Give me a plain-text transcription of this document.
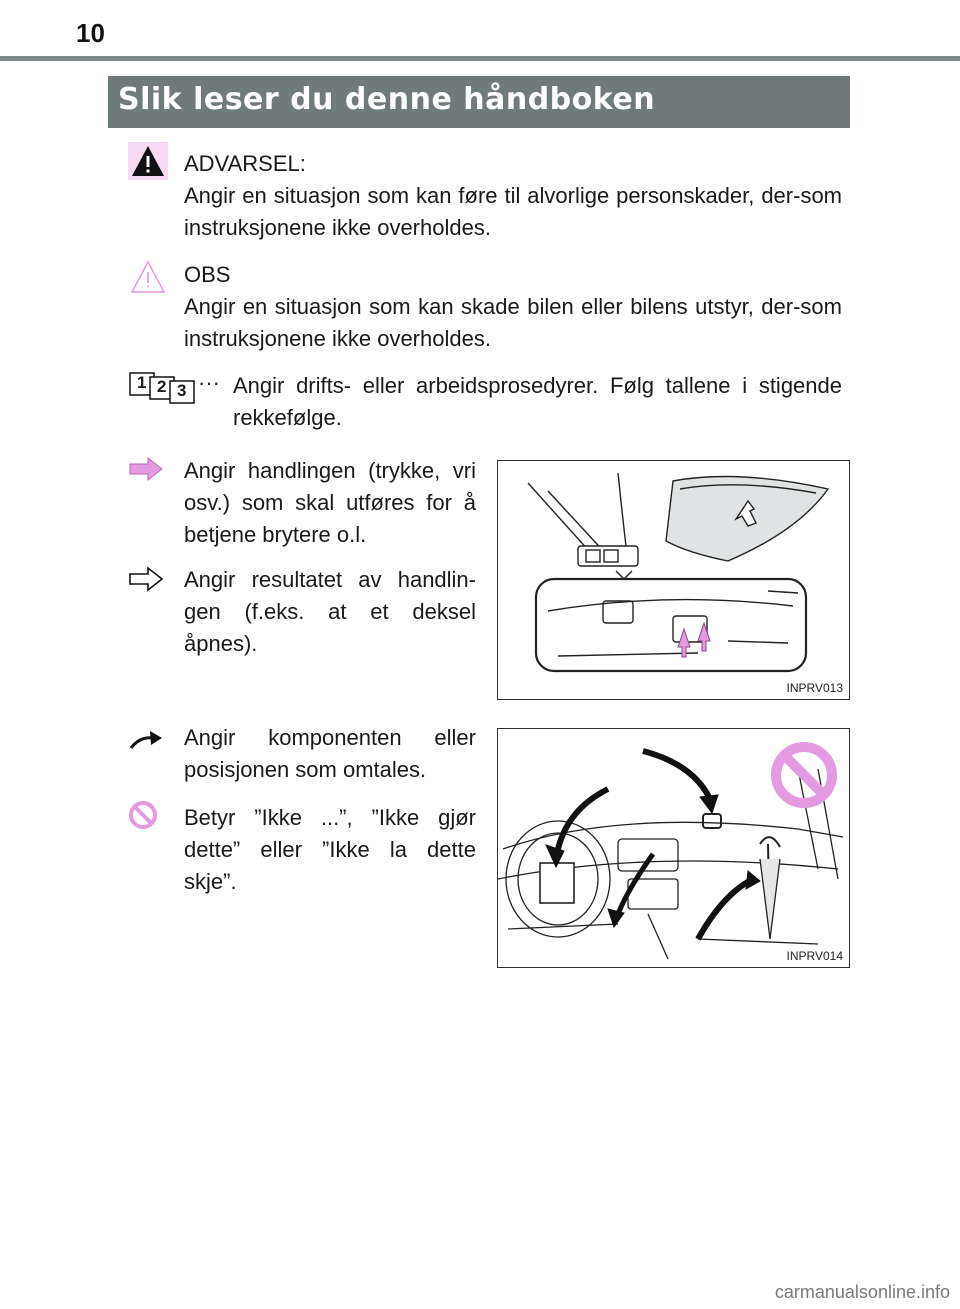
10
Slik leser du denne håndboken

ADVARSEL:

Angir en situasjon som kan føre til alvorlige personskader, der-som instruksjonene ikke overholdes.

OBS

Angir en situasjon som kan skade bilen eller bilens utstyr, der-som instruksjonene ikke overholdes.

1 2 3 ··· Angir drifts- eller arbeidsprosedyrer. Følg tallene i stigende rekkefølge.
Angir handlingen (trykke, vri osv.) som skal utføres for å betjene brytere o.l.
Angir resultatet av handlin-gen (f.eks. at et deksel åpnes).
Angir komponenten eller posisjonen som omtales.
Betyr ”Ikke ...”, ”Ikke gjør dette” eller ”Ikke la dette skje”.
INPRV013
INPRV014
carmanualsonline.info
